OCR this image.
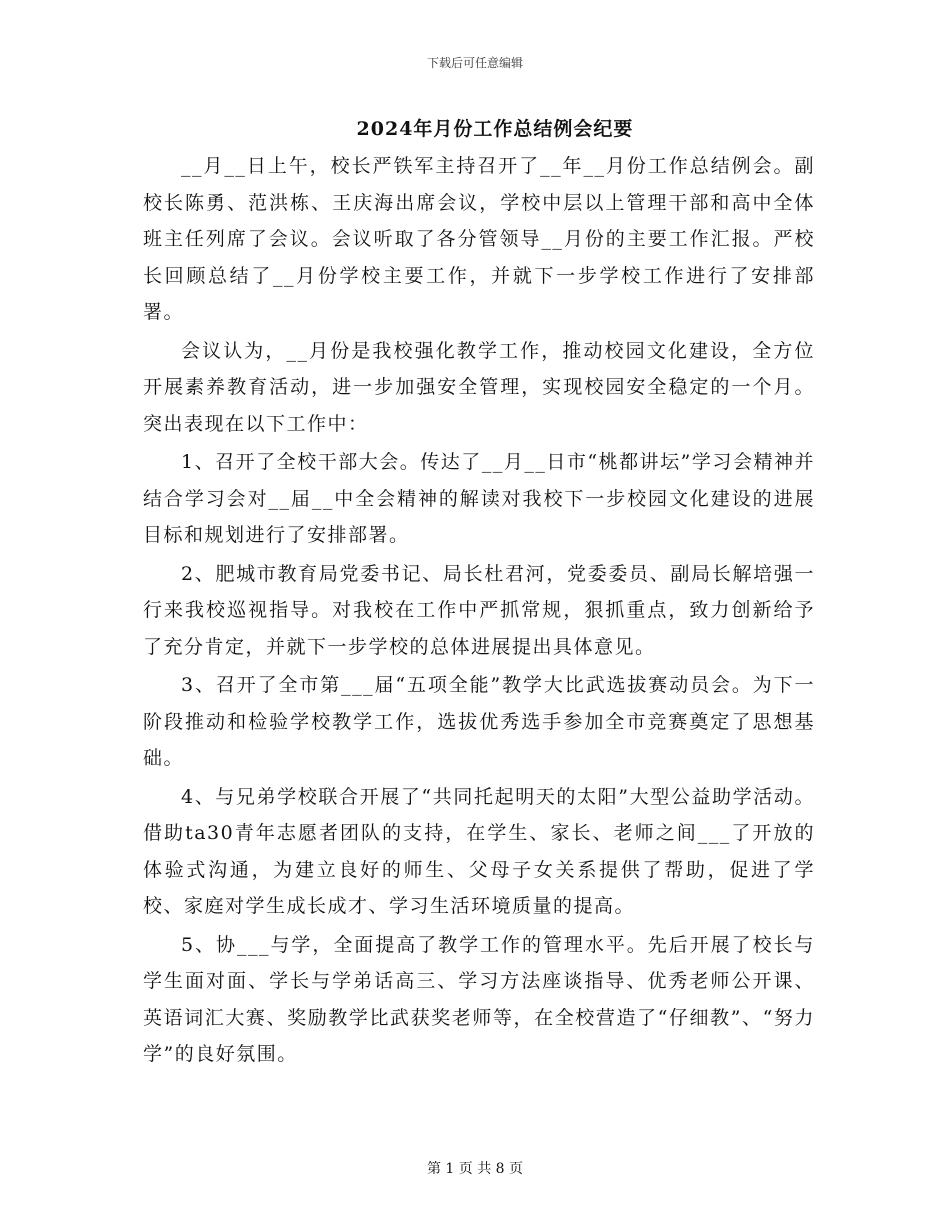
下载后可任意编辑
2024年月份工作总结例会纪要

__月__日上午，校长严铁军主持召开了__年__月份工作总结例会。副校长陈勇、范洪栋、王庆海出席会议，学校中层以上管理干部和高中全体班主任列席了会议。会议听取了各分管领导__月份的主要工作汇报。严校长回顾总结了__月份学校主要工作，并就下一步学校工作进行了安排部署。

会议认为，__月份是我校强化教学工作，推动校园文化建设，全方位开展素养教育活动，进一步加强安全管理，实现校园安全稳定的一个月。突出表现在以下工作中：

1、召开了全校干部大会。传达了__月__日市“桃都讲坛”学习会精神并结合学习会对__届__中全会精神的解读对我校下一步校园文化建设的进展目标和规划进行了安排部署。

2、肥城市教育局党委书记、局长杜君河，党委委员、副局长解培强一行来我校巡视指导。对我校在工作中严抓常规，狠抓重点，致力创新给予了充分肯定，并就下一步学校的总体进展提出具体意见。

3、召开了全市第___届“五项全能”教学大比武选拔赛动员会。为下一阶段推动和检验学校教学工作，选拔优秀选手参加全市竞赛奠定了思想基础。

4、与兄弟学校联合开展了“共同托起明天的太阳”大型公益助学活动。借助ta30青年志愿者团队的支持，在学生、家长、老师之间___了开放的体验式沟通，为建立良好的师生、父母子女关系提供了帮助，促进了学校、家庭对学生成长成才、学习生活环境质量的提高。

5、协___与学，全面提高了教学工作的管理水平。先后开展了校长与学生面对面、学长与学弟话高三、学习方法座谈指导、优秀老师公开课、英语词汇大赛、奖励教学比武获奖老师等，在全校营造了“仔细教”、“努力学”的良好氛围。

第 1 页 共 8 页
